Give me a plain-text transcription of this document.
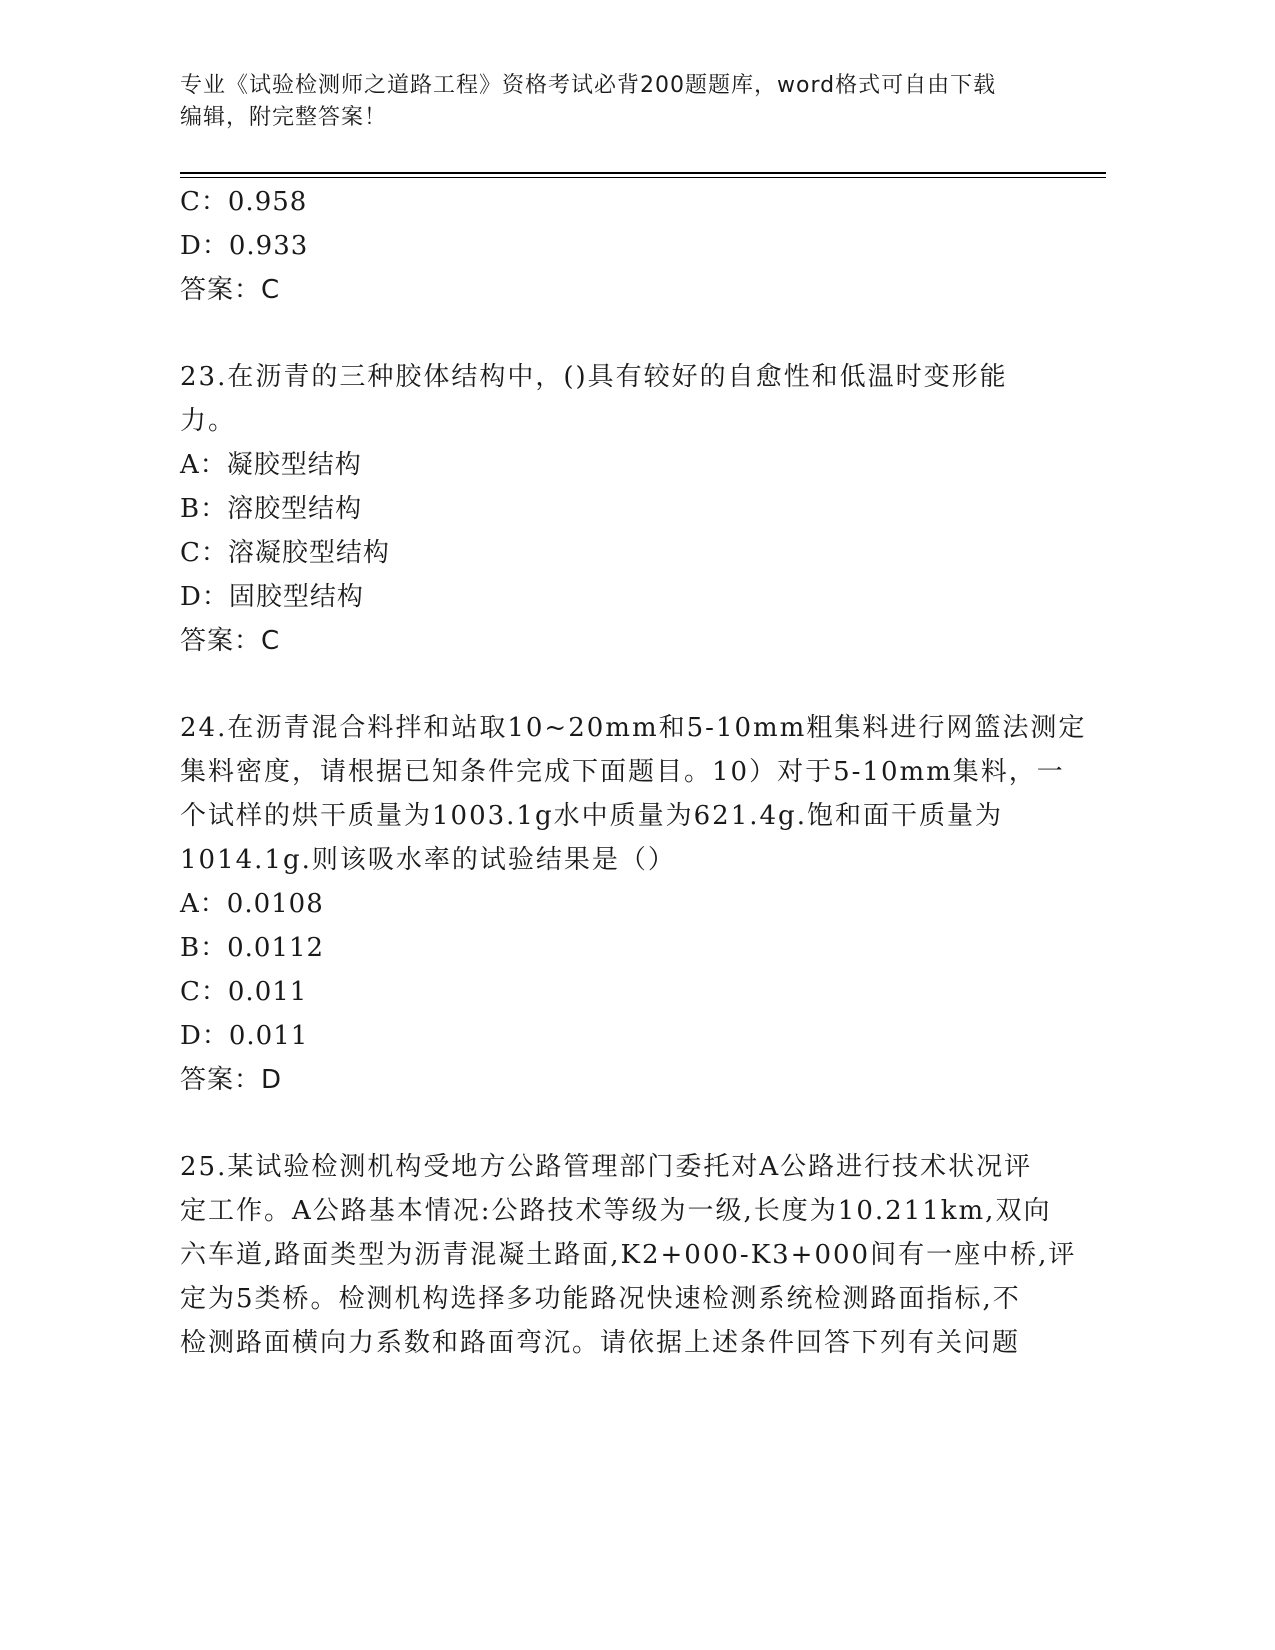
专业《试验检测师之道路工程》资格考试必背200题题库，word格式可自由下载
编辑，附完整答案！
C：0.958
D：0.933
答案：C
23.在沥青的三种胶体结构中，()具有较好的自愈性和低温时变形能
力。
A：凝胶型结构
B：溶胶型结构
C：溶凝胶型结构
D：固胶型结构
答案：C
24.在沥青混合料拌和站取10~20mm和5-10mm粗集料进行网篮法测定
集料密度，请根据已知条件完成下面题目。10）对于5-10mm集料，一
个试样的烘干质量为1003.1g水中质量为621.4g.饱和面干质量为
1014.1g.则该吸水率的试验结果是（）
A：0.0108
B：0.0112
C：0.011
D：0.011
答案：D
25.某试验检测机构受地方公路管理部门委托对A公路进行技术状况评
定工作。A公路基本情况:公路技术等级为一级,长度为10.211km,双向
六车道,路面类型为沥青混凝土路面,K2+000-K3+000间有一座中桥,评
定为5类桥。检测机构选择多功能路况快速检测系统检测路面指标,不
检测路面横向力系数和路面弯沉。请依据上述条件回答下列有关问题
